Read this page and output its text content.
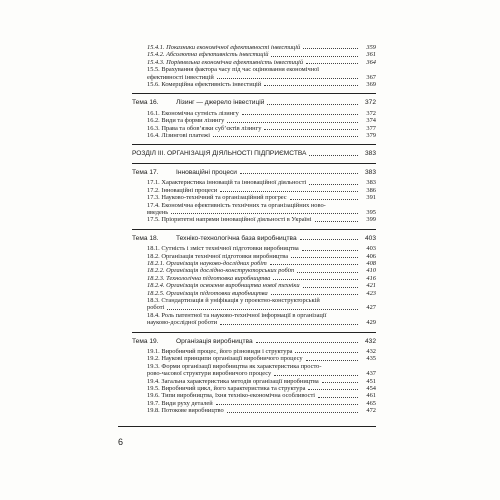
15.4.1. Показники економічної ефективності інвестицій	359
15.4.2. Абсолютна ефективність інвестицій	361
15.4.3. Порівняльна економічна ефективність інвестицій	364
15.5. Врахування фактора часу під час оцінювання економічної
ефективності інвестицій	367
15.6. Комерційна ефективність інвестицій	369
Тема 16.	Лізинг — джерело інвестицій	372
16.1. Економічна сутність лізингу	372
16.2. Види та форми лізингу	374
16.3. Права та обов’язки суб’єктів лізингу	377
16.4. Лізингові платежі	379
РОЗДІЛ III. ОРГАНІЗАЦІЯ ДІЯЛЬНОСТІ ПІДПРИЄМСТВА	383
Тема 17.	Інноваційні процеси	383
17.1. Характеристика інновацій та інноваційної діяльності	383
17.2. Інноваційні процеси	386
17.3. Науково-технічний та організаційний прогрес	391
17.4. Економічна ефективність технічних та організаційних ново-
введень	395
17.5. Пріоритетні напрями інноваційної діяльності в Україні	399
Тема 18.	Техніко-технологічна база виробництва	403
18.1. Сутність і зміст технічної підготовки виробництва	403
18.2. Організація технічної підготовки виробництва	406
18.2.1. Організація науково-дослідних робіт	408
18.2.2. Організація дослідно-конструкторських робіт	410
18.2.3. Технологічна підготовка виробництва	416
18.2.4. Організація освоєння виробництва нової техніки	421
18.2.5. Організація підготовки виробництва	423
18.3. Стандартизація й уніфікація у проектно-конструкторській
роботі	427
18.4. Роль патентної та науково-технічної інформації в організації
науково-дослідної роботи	429
Тема 19.	Організація виробництва	432
19.1. Виробничий процес, його різновиди і структура	432
19.2. Наукові принципи організації виробничого процесу	435
19.3. Форми організації виробництва як характеристика просто-
рово-часової структури виробничого процесу	437
19.4. Загальна характеристика методів організації виробництва	451
19.5. Виробничий цикл, його характеристика та структура	454
19.6. Типи виробництва, їхня техніко-економічна особливості	461
19.7. Види руху деталей	465
19.8. Потокове виробництво	472
6
